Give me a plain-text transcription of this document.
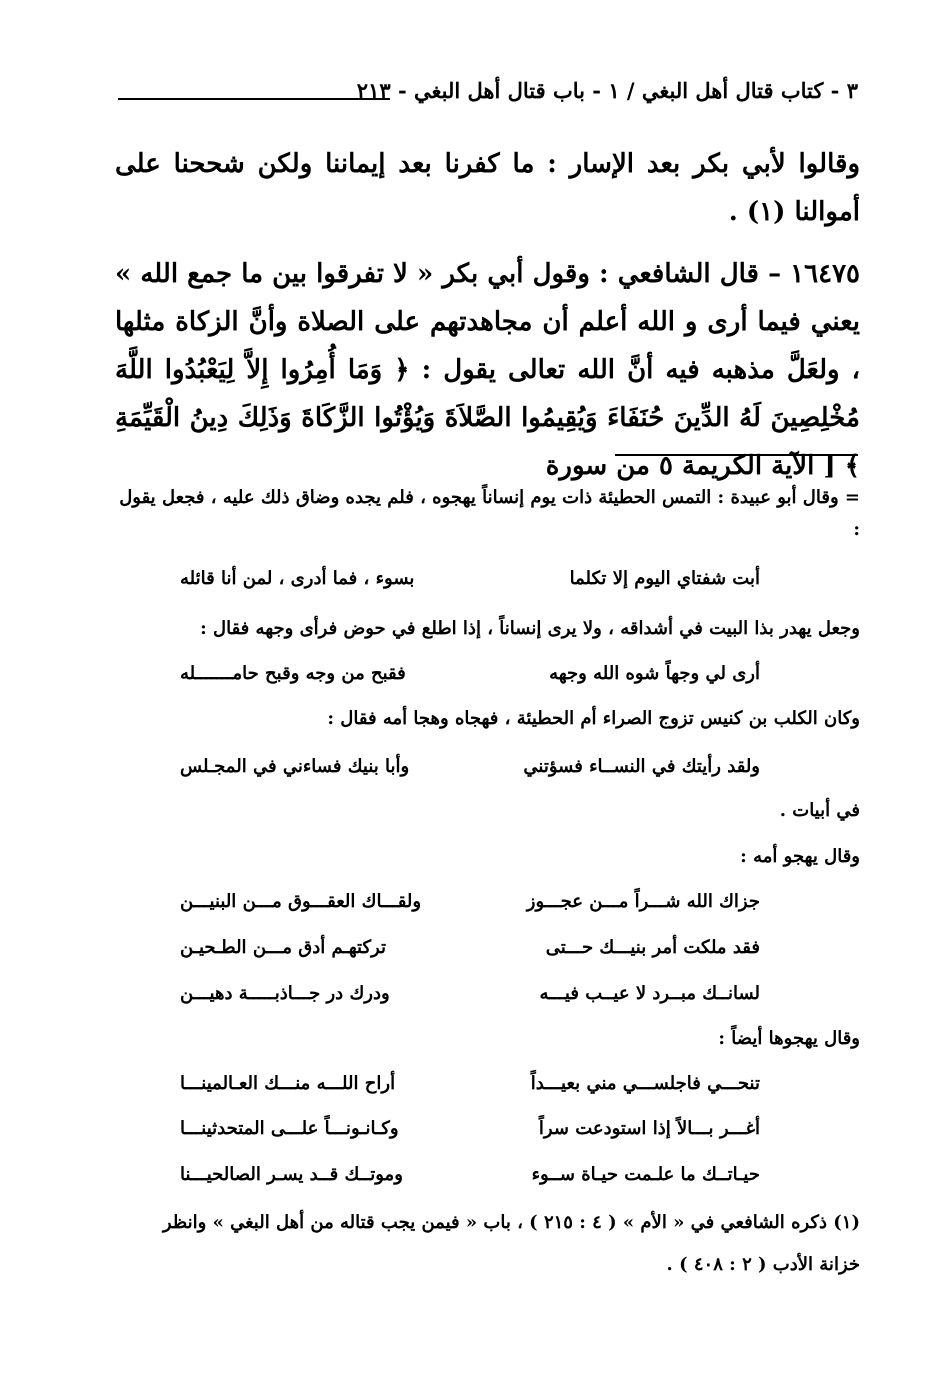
٣ - كتاب قتال أهل البغي / ١ - باب قتال أهل البغي - ٢١٣
وقالوا لأبي بكر بعد الإسار : ما كفرنا بعد إيماننا ولكن شححنا على أموالنا (١) .
١٦٤٧٥ – قال الشافعي : وقول أبي بكر « لا تفرقوا بين ما جمع الله » يعني فيما أرى و الله أعلم أن مجاهدتهم على الصلاة وأنَّ الزكاة مثلها ، ولعَلَّ مذهبه فيه أنَّ الله تعالى يقول : ﴿ وَمَا أُمِرُوا إِلاَّ لِيَعْبُدُوا اللَّهَ مُخْلِصِينَ لَهُ الدِّينَ حُنَفَاءَ وَيُقِيمُوا الصَّلاَةَ وَيُؤْتُوا الزَّكَاةَ وَذَلِكَ دِينُ الْقَيِّمَةِ ﴾ [ الآية الكريمة ٥ من سورة
= وقال أبو عبيدة : التمس الحطيئة ذات يوم إنساناً يهجوه ، فلم يجده وضاق ذلك عليه ، فجعل يقول :
أبت شفتاي اليوم إلا تكلما
بسوء ، فما أدرى ، لمن أنا قائله
وجعل يهدر بذا البيت في أشداقه ، ولا يرى إنساناً ، إذا اطلع في حوض فرأى وجهه فقال :
أرى لي وجهاً شوه الله وجهه
فقبح من وجه وقبح حامـــــــله
وكان الكلب بن كنيس تزوج الصراء أم الحطيئة ، فهجاه وهجا أمه فقال :
ولقد رأيتك في النســاء فسؤتني
وأبا بنيك فساءني في المجـلس
في أبيات .
وقال يهجو أمه :
جزاك الله شـــراً مـــن عجـــوز
ولقـــاك العقـــوق مـــن البنيـــن
فقد ملكت أمر بنيـــك حـــتى
تركتهـم أدق مـــن الطـحيـن
لسانــك مبــرد لا عيــب فيـــه
ودرك در جـــاذبـــــة دهيـــن
وقال يهجوها أيضاً :
تنحـــي فاجلســـي مني بعيـــداً
أراح اللـــه منـــك العـالمينـــا
أغـــر بـــالاً إذا استودعت سراً
وكـانـونـــاً علـــى المتحدثينـــا
حيـاتــك ما علـمت حيـاة ســوء
وموتــك قــد يسـر الصالحيـــنا
(١) ذكره الشافعي في « الأم » ( ٤ : ٢١٥ ) ، باب « فيمن يجب قتاله من أهل البغي » وانظر
خزانة الأدب ( ٢ : ٤٠٨ ) .
